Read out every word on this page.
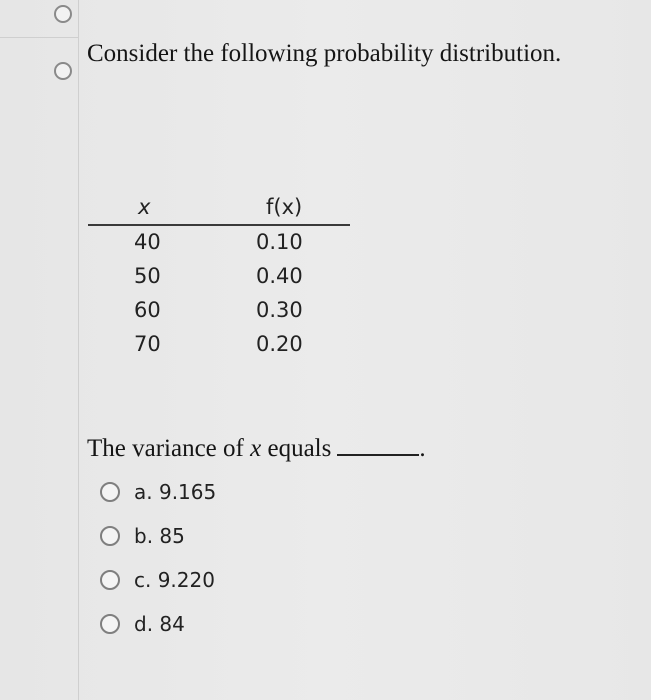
Consider the following probability distribution.
x	f(x)
40	0.10
50	0.40
60	0.30
70	0.20
The variance of x equals	.
a. 9.165
b. 85
c. 9.220
d. 84
